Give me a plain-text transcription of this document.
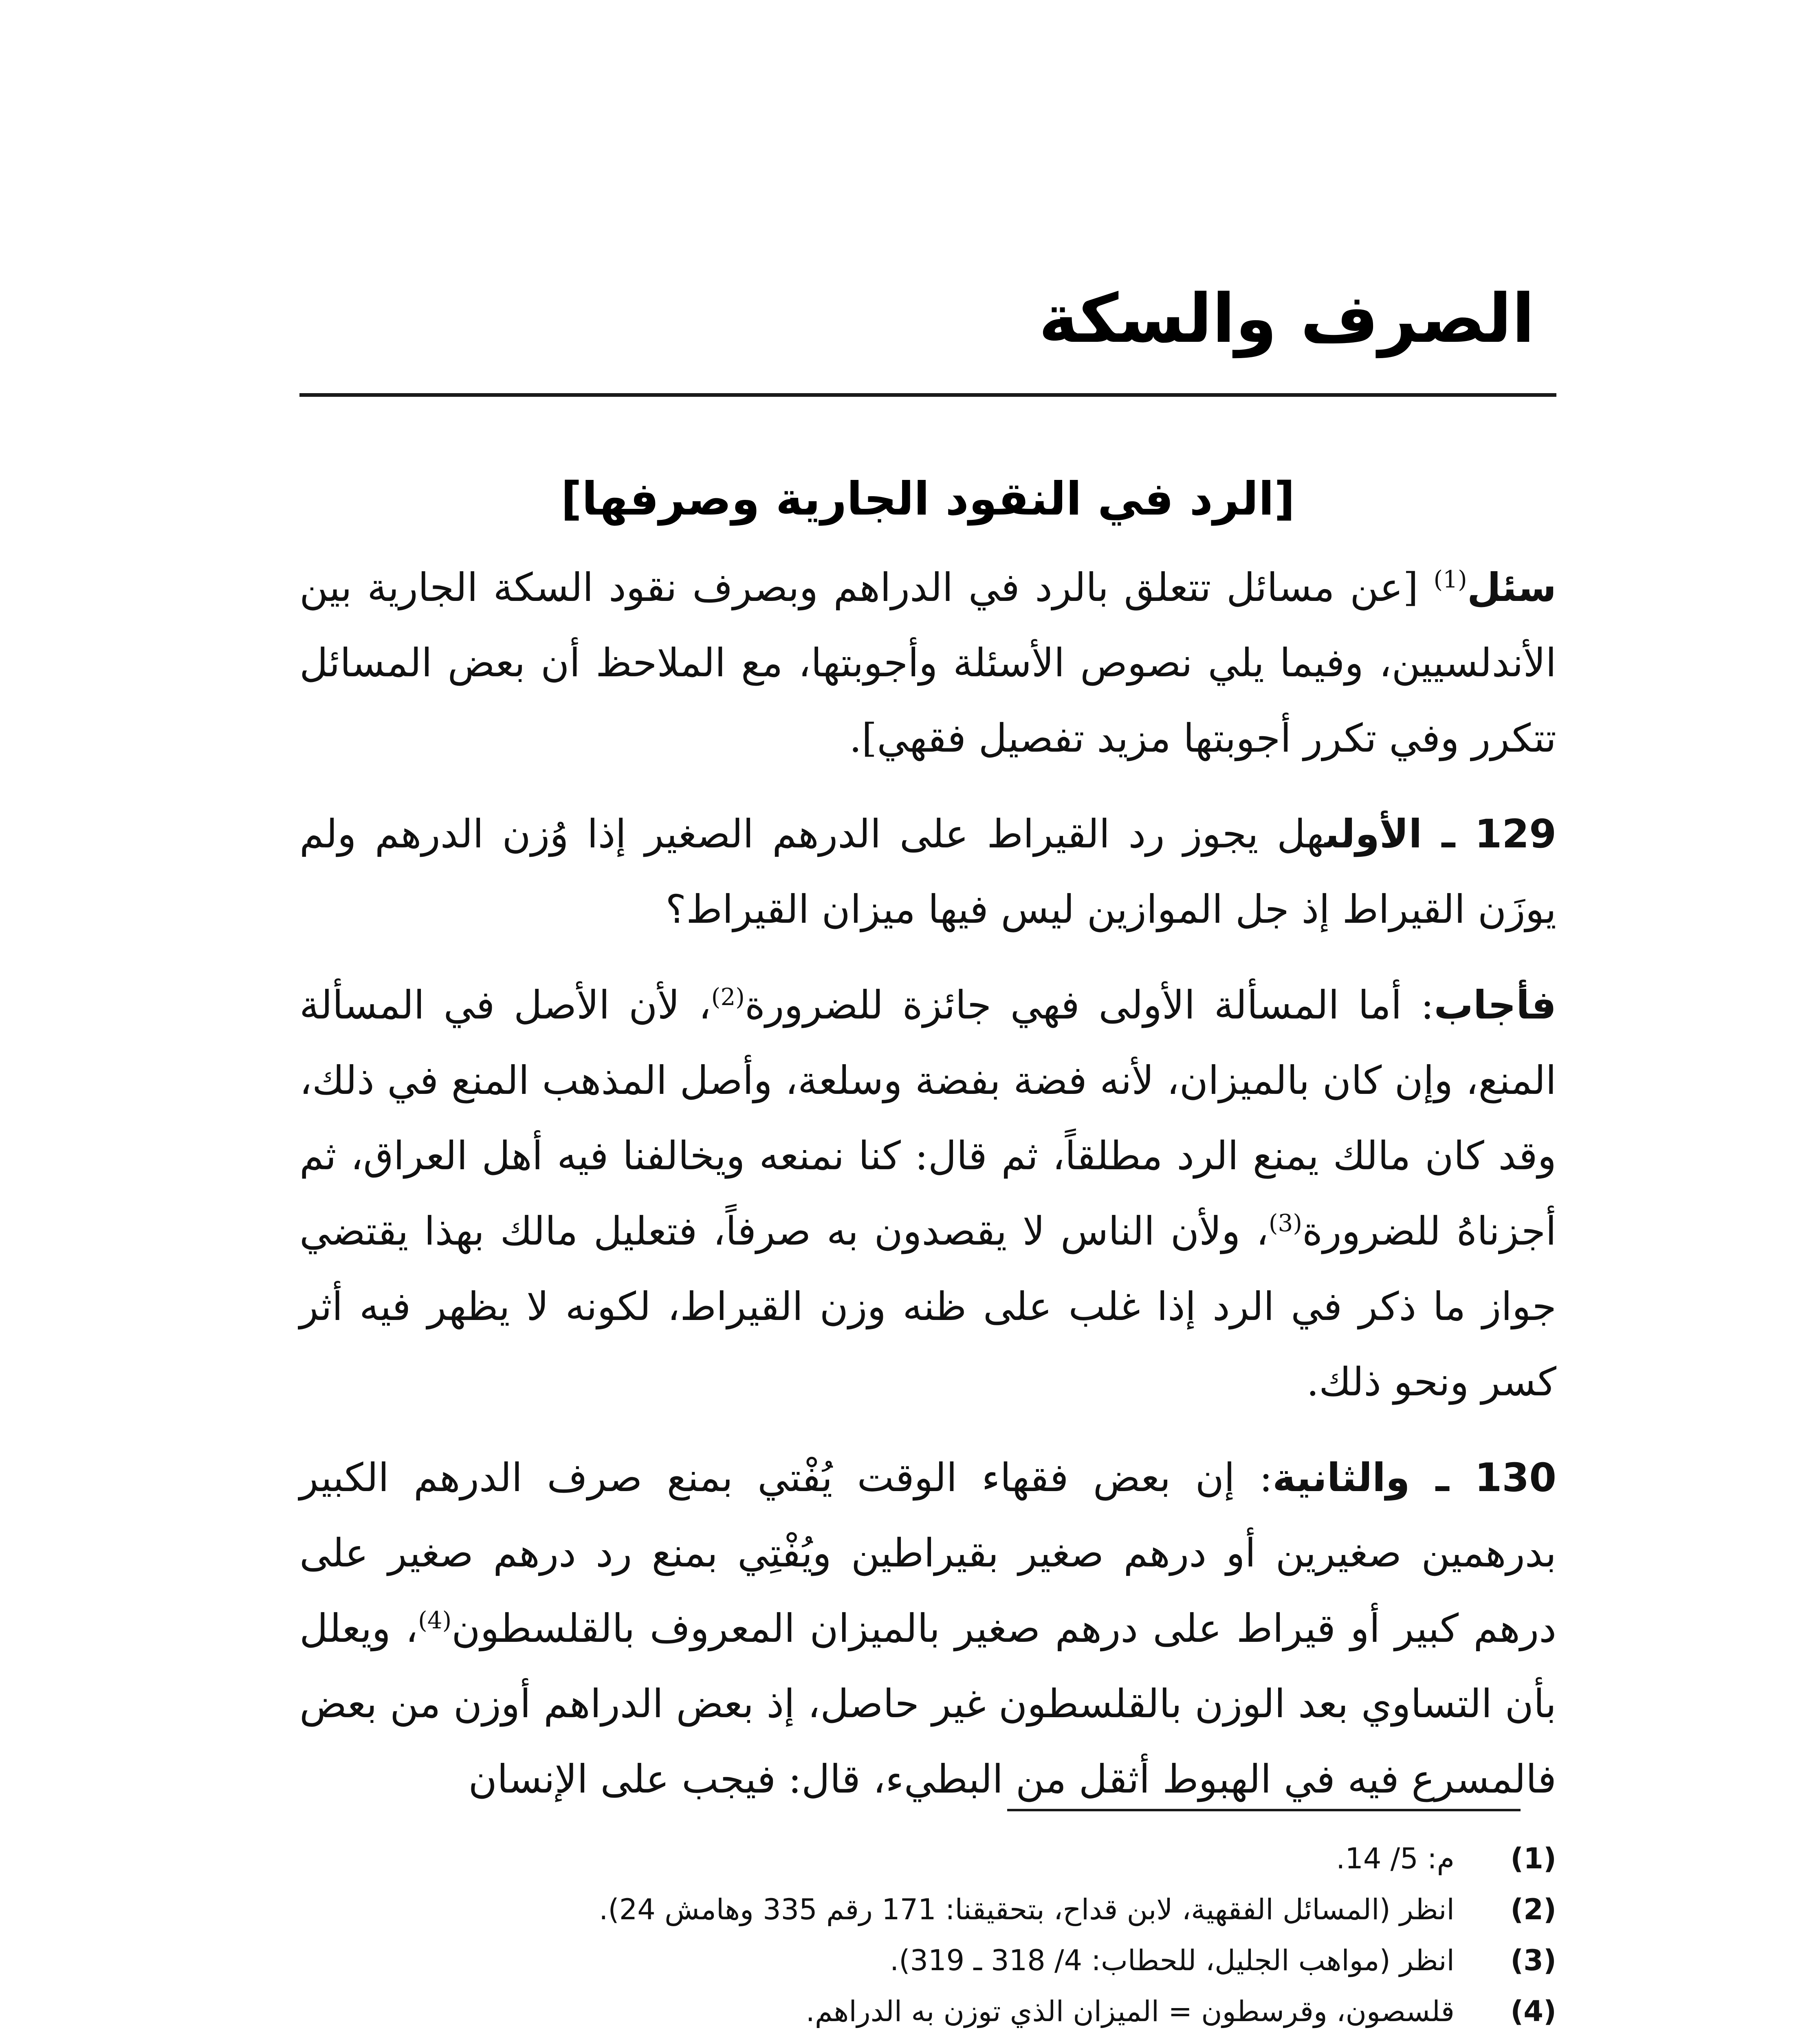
الصرف والسكة
[الرد في النقود الجارية وصرفها]

سئل$^{(1)}$ [عن مسائل تتعلق بالرد في الدراهم وبصرف نقود السكة الجارية بين الأندلسيين، وفيما يلي نصوص الأسئلة وأجوبتها، مع الملاحظ أن بعض المسائل تتكرر وفي تكرر أجوبتها مزيد تفصيل فقهي].

129 ـ الأولىهل يجوز رد القيراط على الدرهم الصغير إذا وُزن الدرهم ولم يوزَن القيراط إذ جل الموازين ليس فيها ميزان القيراط؟

فأجاب: أما المسألة الأولى فهي جائزة للضرورة$^{(2)}$، لأن الأصل في المسألة المنع، وإن كان بالميزان، لأنه فضة بفضة وسلعة، وأصل المذهب المنع في ذلك، وقد كان مالك يمنع الرد مطلقاً، ثم قال: كنا نمنعه ويخالفنا فيه أهل العراق، ثم أجزناهُ للضرورة$^{(3)}$، ولأن الناس لا يقصدون به صرفاً، فتعليل مالك بهذا يقتضي جواز ما ذكر في الرد إذا غلب على ظنه وزن القيراط، لكونه لا يظهر فيه أثر كسر ونحو ذلك.

130 ـ والثانية: إن بعض فقهاء الوقت يُفْتي بمنع صرف الدرهم الكبير بدرهمين صغيرين أو درهم صغير بقيراطين ويُفْتِي بمنع رد درهم صغير على درهم كبير أو قيراط على درهم صغير بالميزان المعروف بالقلسطون$^{(4)}$، ويعلل بأن التساوي بعد الوزن بالقلسطون غير حاصل، إذ بعض الدراهم أوزن من بعض فالمسرع فيه في الهبوط أثقل من البطيء، قال: فيجب على الإنسان

(1)
م: 5/ 14.
(2)
انظر (المسائل الفقهية، لابن قداح، بتحقيقنا: 171 رقم 335 وهامش 24).
(3)
انظر (مواهب الجليل، للحطاب: 4/ 318 ـ 319).
(4)
قلسصون، وقرسطون = الميزان الذي توزن به الدراهم.
